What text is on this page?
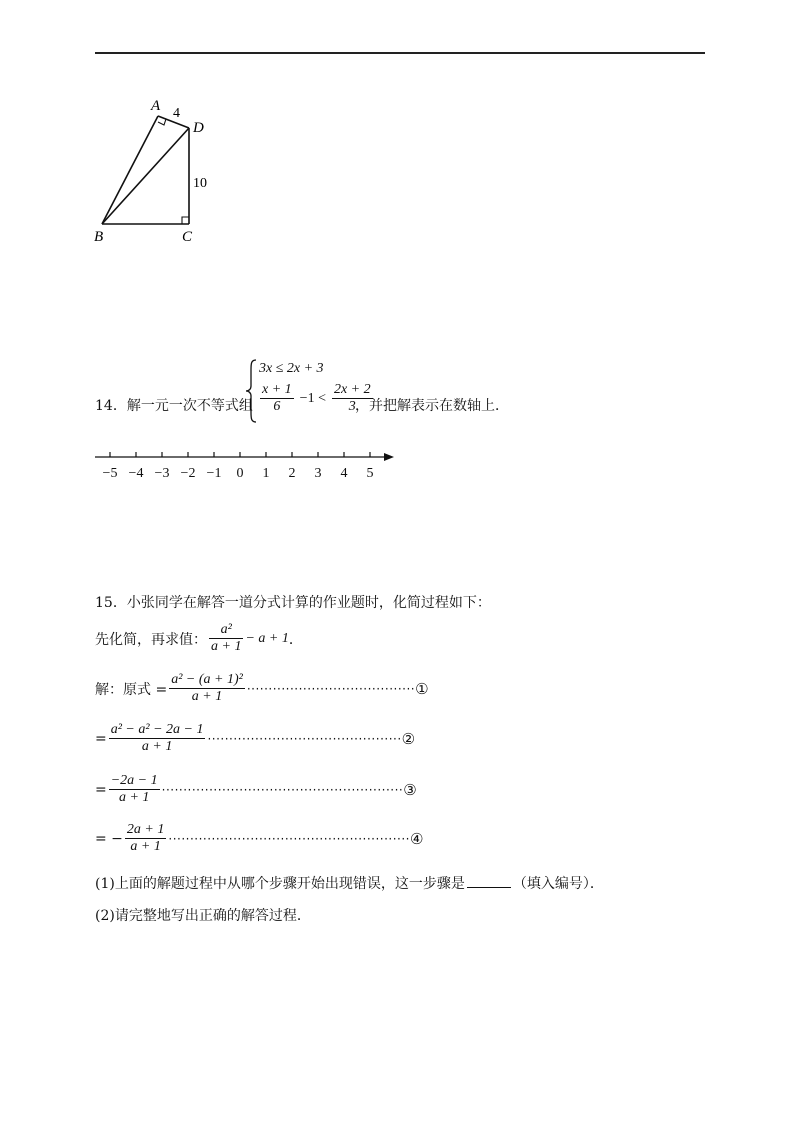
A 4
D
10
B	C
14．解一元一次不等式组
3x ≤ 2x + 3
$\frac{x + 1}{6} -1 < \frac{2x + 2}{3}$
，并把解表示在数轴上．
−5 −4 −3 −2 −1 0 1 2 3 4 5
15．小张同学在解答一道分式计算的作业题时，化简过程如下：
先化简，再求值： $\frac{\text{a²}}{a + 1} - a + 1$ ．
解：原式 = $\frac{\text{a² − (a + 1)²}}{a + 1}$ ······································· ①
= $\frac{\text{a² − a² − 2a − 1}}{a + 1}$ ············································· ②
= $\frac{-2a - 1}{a + 1}$ ························································ ③
= − $\frac{2a + 1}{a + 1}$ ························································ ④
(1)上面的解题过程中从哪个步骤开始出现错误，这一步骤是	（填入编号）．
(2)请完整地写出正确的解答过程．
